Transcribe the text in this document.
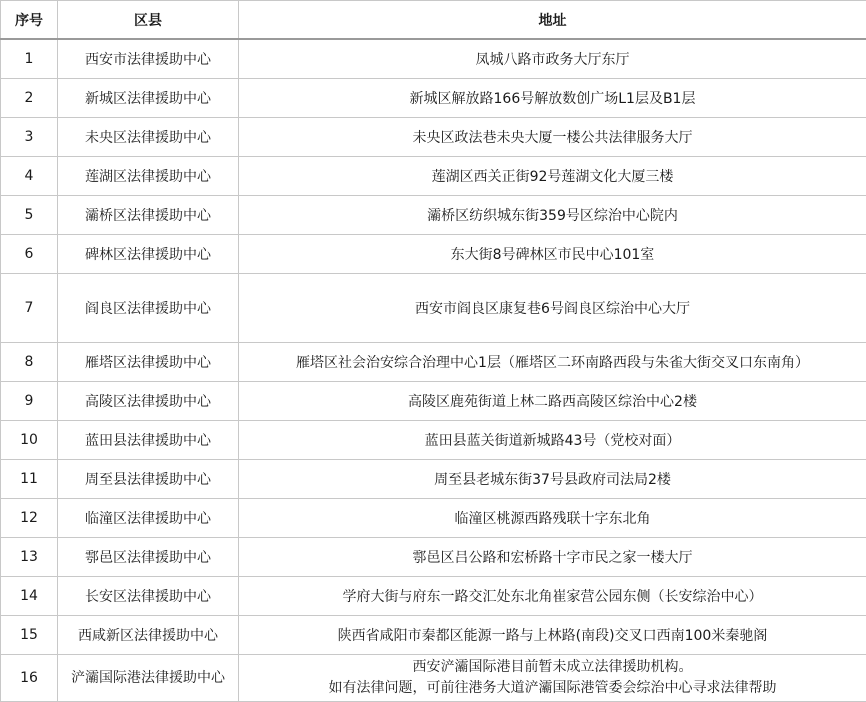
序号	区县	地址
1	西安市法律援助中心	凤城八路市政务大厅东厅
2	新城区法律援助中心	新城区解放路166号解放数创广场L1层及B1层
3	未央区法律援助中心	未央区政法巷未央大厦一楼公共法律服务大厅
4	莲湖区法律援助中心	莲湖区西关正街92号莲湖文化大厦三楼
5	灞桥区法律援助中心	灞桥区纺织城东街359号区综治中心院内
6	碑林区法律援助中心	东大街8号碑林区市民中心101室
7	阎良区法律援助中心	西安市阎良区康复巷6号阎良区综治中心大厅
8	雁塔区法律援助中心	雁塔区社会治安综合治理中心1层（雁塔区二环南路西段与朱雀大街交叉口东南角）
9	高陵区法律援助中心	高陵区鹿苑街道上林二路西高陵区综治中心2楼
10	蓝田县法律援助中心	蓝田县蓝关街道新城路43号（党校对面）
11	周至县法律援助中心	周至县老城东街37号县政府司法局2楼
12	临潼区法律援助中心	临潼区桃源西路残联十字东北角
13	鄠邑区法律援助中心	鄠邑区吕公路和宏桥路十字市民之家一楼大厅
14	长安区法律援助中心	学府大街与府东一路交汇处东北角崔家营公园东侧（长安综治中心）
15	西咸新区法律援助中心	陕西省咸阳市秦都区能源一路与上林路(南段)交叉口西南100米秦驰阁
16	浐灞国际港法律援助中心	西安浐灞国际港目前暂未成立法律援助机构。
如有法律问题，可前往港务大道浐灞国际港管委会综治中心寻求法律帮助
